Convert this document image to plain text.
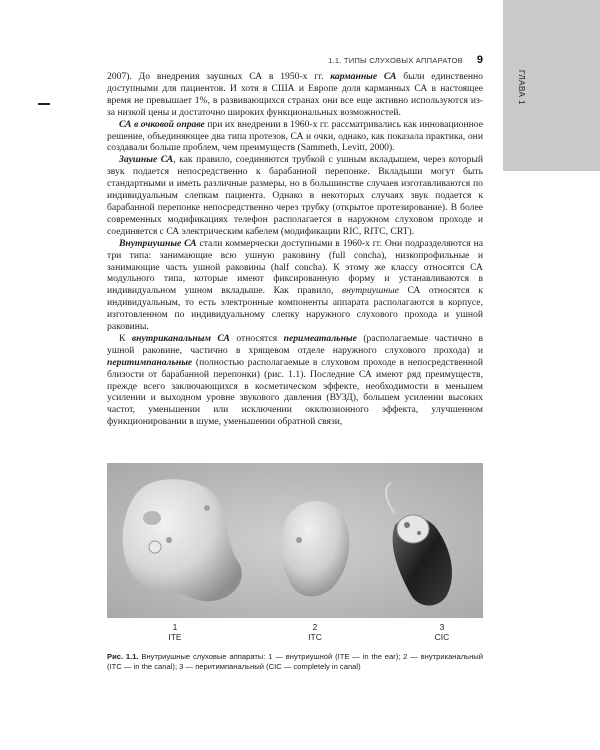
ГЛАВА 1
1.1. ТИПЫ СЛУХОВЫХ АППАРАТОВ 9

2007). До внедрения заушных СА в 1950-х гг. карманные СА были единственно доступными для пациентов. И хотя в США и Европе доля карманных СА в настоящее время не превышает 1%, в развивающихся странах они все еще активно используются из-за низкой цены и достаточно широких функциональных возможностей.

СА в очковой оправе при их внедрении в 1960-х гг. рассматривались как инновационное решение, объединяющее два типа протезов, СА и очки, однако, как показала практика, они создавали больше проблем, чем преимуществ (Sammeth, Levitt, 2000).

Заушные СА, как правило, соединяются трубкой с ушным вкладышем, через который звук подается непосредственно к барабанной перепонке. Вкладыши могут быть стандартными и иметь различные размеры, но в большинстве случаев изготавливаются по индивидуальным слепкам пациента. Однако в некоторых случаях звук подается к барабанной перепонке непосредственно через трубку (открытое протезирование). В более современных модификациях телефон располагается в наружном слуховом проходе и соединяется с СА электрическим кабелем (модификации RIC, RITC, CRT).

Внутриушные СА стали коммерчески доступными в 1960-х гг. Они подразделяются на три типа: занимающие всю ушную раковину (full concha), низкопрофильные и занимающие часть ушной раковины (half concha). К этому же классу относятся СА модульного типа, которые имеют фиксированную форму и устанавливаются в индивидуальном ушном вкладыше. Как правило, внутриушные СА относятся к индивидуальным, то есть электронные компоненты аппарата располагаются в корпусе, изготовленном по индивидуальному слепку наружного слухового прохода и ушной раковины.

К внутриканальным СА относятся перимеатальные (располагаемые частично в ушной раковине, частично в хрящевом отделе наружного слухового прохода) и перитимпанальные (полностью располагаемые в слуховом проходе в непосредственной близости от барабанной перепонки) (рис. 1.1). Последние СА имеют ряд преимуществ, прежде всего заключающихся в косметическом эффекте, необходимости в меньшем усилении и выходном уровне звукового давления (ВУЗД), большем усилении высоких частот, уменьшении или исключении окклюзионного эффекта, улучшенном функционировании в шуме, уменьшении обратной связи,

1
ITE
2
ITC
3
CIC
Рис. 1.1. Внутриушные слуховые аппараты: 1 — внутриушной (ITE — in the ear); 2 — внутриканальный (ITC — in the canal); 3 — перитимпанальный (CIC — completely in canal)
